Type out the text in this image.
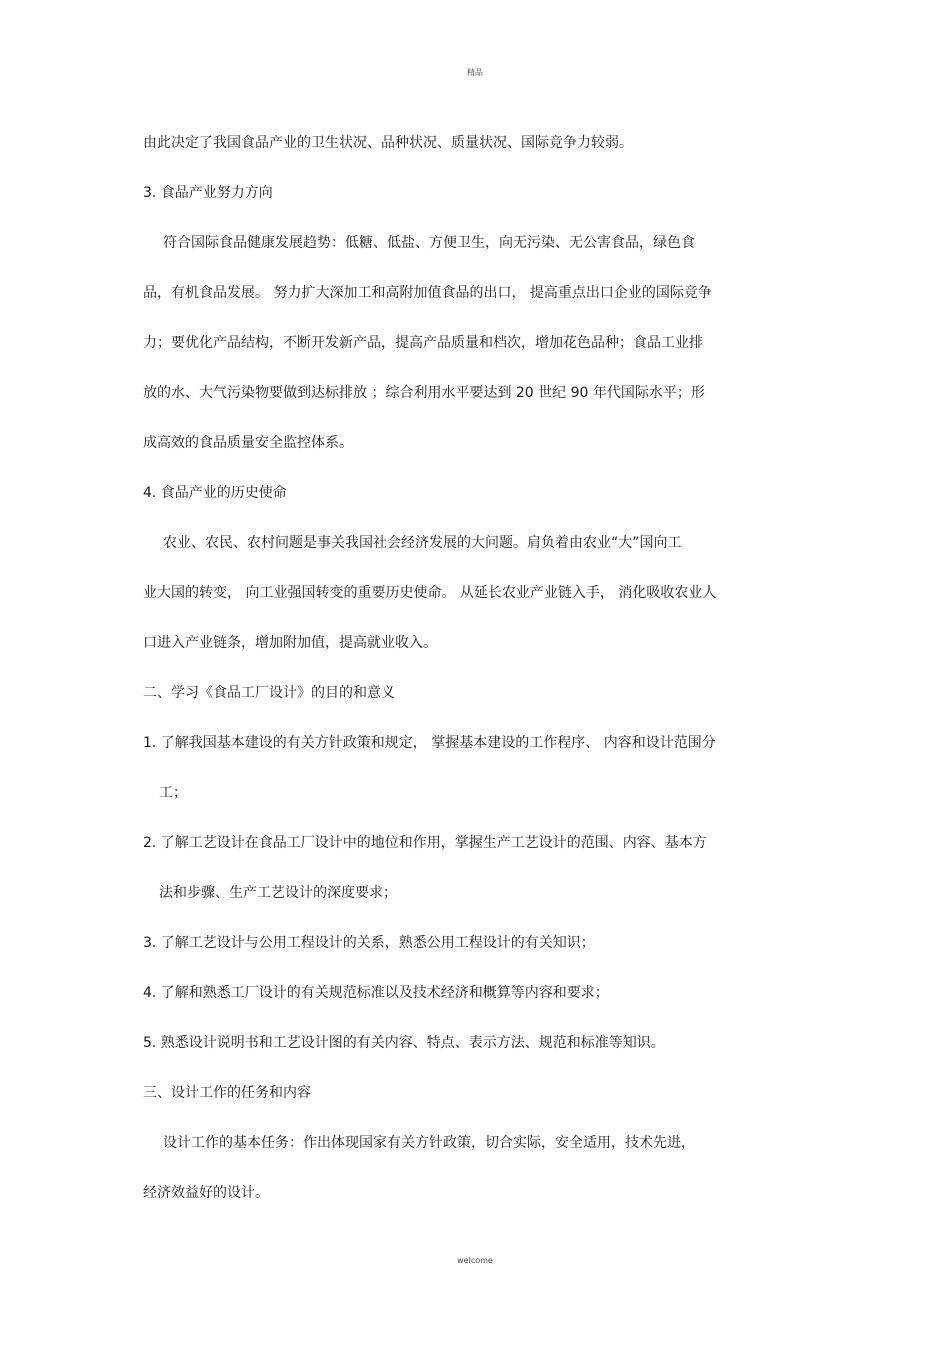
精品
由此决定了我国食品产业的卫生状况、品种状况、质量状况、国际竞争力较弱。
3. 食品产业努力方向
符合国际食品健康发展趋势：低糖、低盐、方便卫生，向无污染、无公害食品，绿色食
品，有机食品发展。 努力扩大深加工和高附加值食品的出口， 提高重点出口企业的国际竞争
力；要优化产品结构，不断开发新产品，提高产品质量和档次，增加花色品种；食品工业排
放的水、大气污染物要做到达标排放 ；综合利用水平要达到 20 世纪 90 年代国际水平；形
成高效的食品质量安全监控体系。
4. 食品产业的历史使命
农业、农民、农村问题是事关我国社会经济发展的大问题。肩负着由农业“大”国向工
业大国的转变， 向工业强国转变的重要历史使命。 从延长农业产业链入手， 消化吸收农业人
口进入产业链条，增加附加值，提高就业收入。
二、学习《食品工厂设计》的目的和意义
1. 了解我国基本建设的有关方针政策和规定， 掌握基本建设的工作程序、 内容和设计范围分
工；
2. 了解工艺设计在食品工厂设计中的地位和作用，掌握生产工艺设计的范围、内容、基本方
法和步骤、生产工艺设计的深度要求；
3. 了解工艺设计与公用工程设计的关系，熟悉公用工程设计的有关知识；
4. 了解和熟悉工厂设计的有关规范标准以及技术经济和概算等内容和要求；
5. 熟悉设计说明书和工艺设计图的有关内容、特点、表示方法、规范和标准等知识。
三、设计工作的任务和内容
设计工作的基本任务：作出体现国家有关方针政策，切合实际，安全适用，技术先进，
经济效益好的设计。
welcome
